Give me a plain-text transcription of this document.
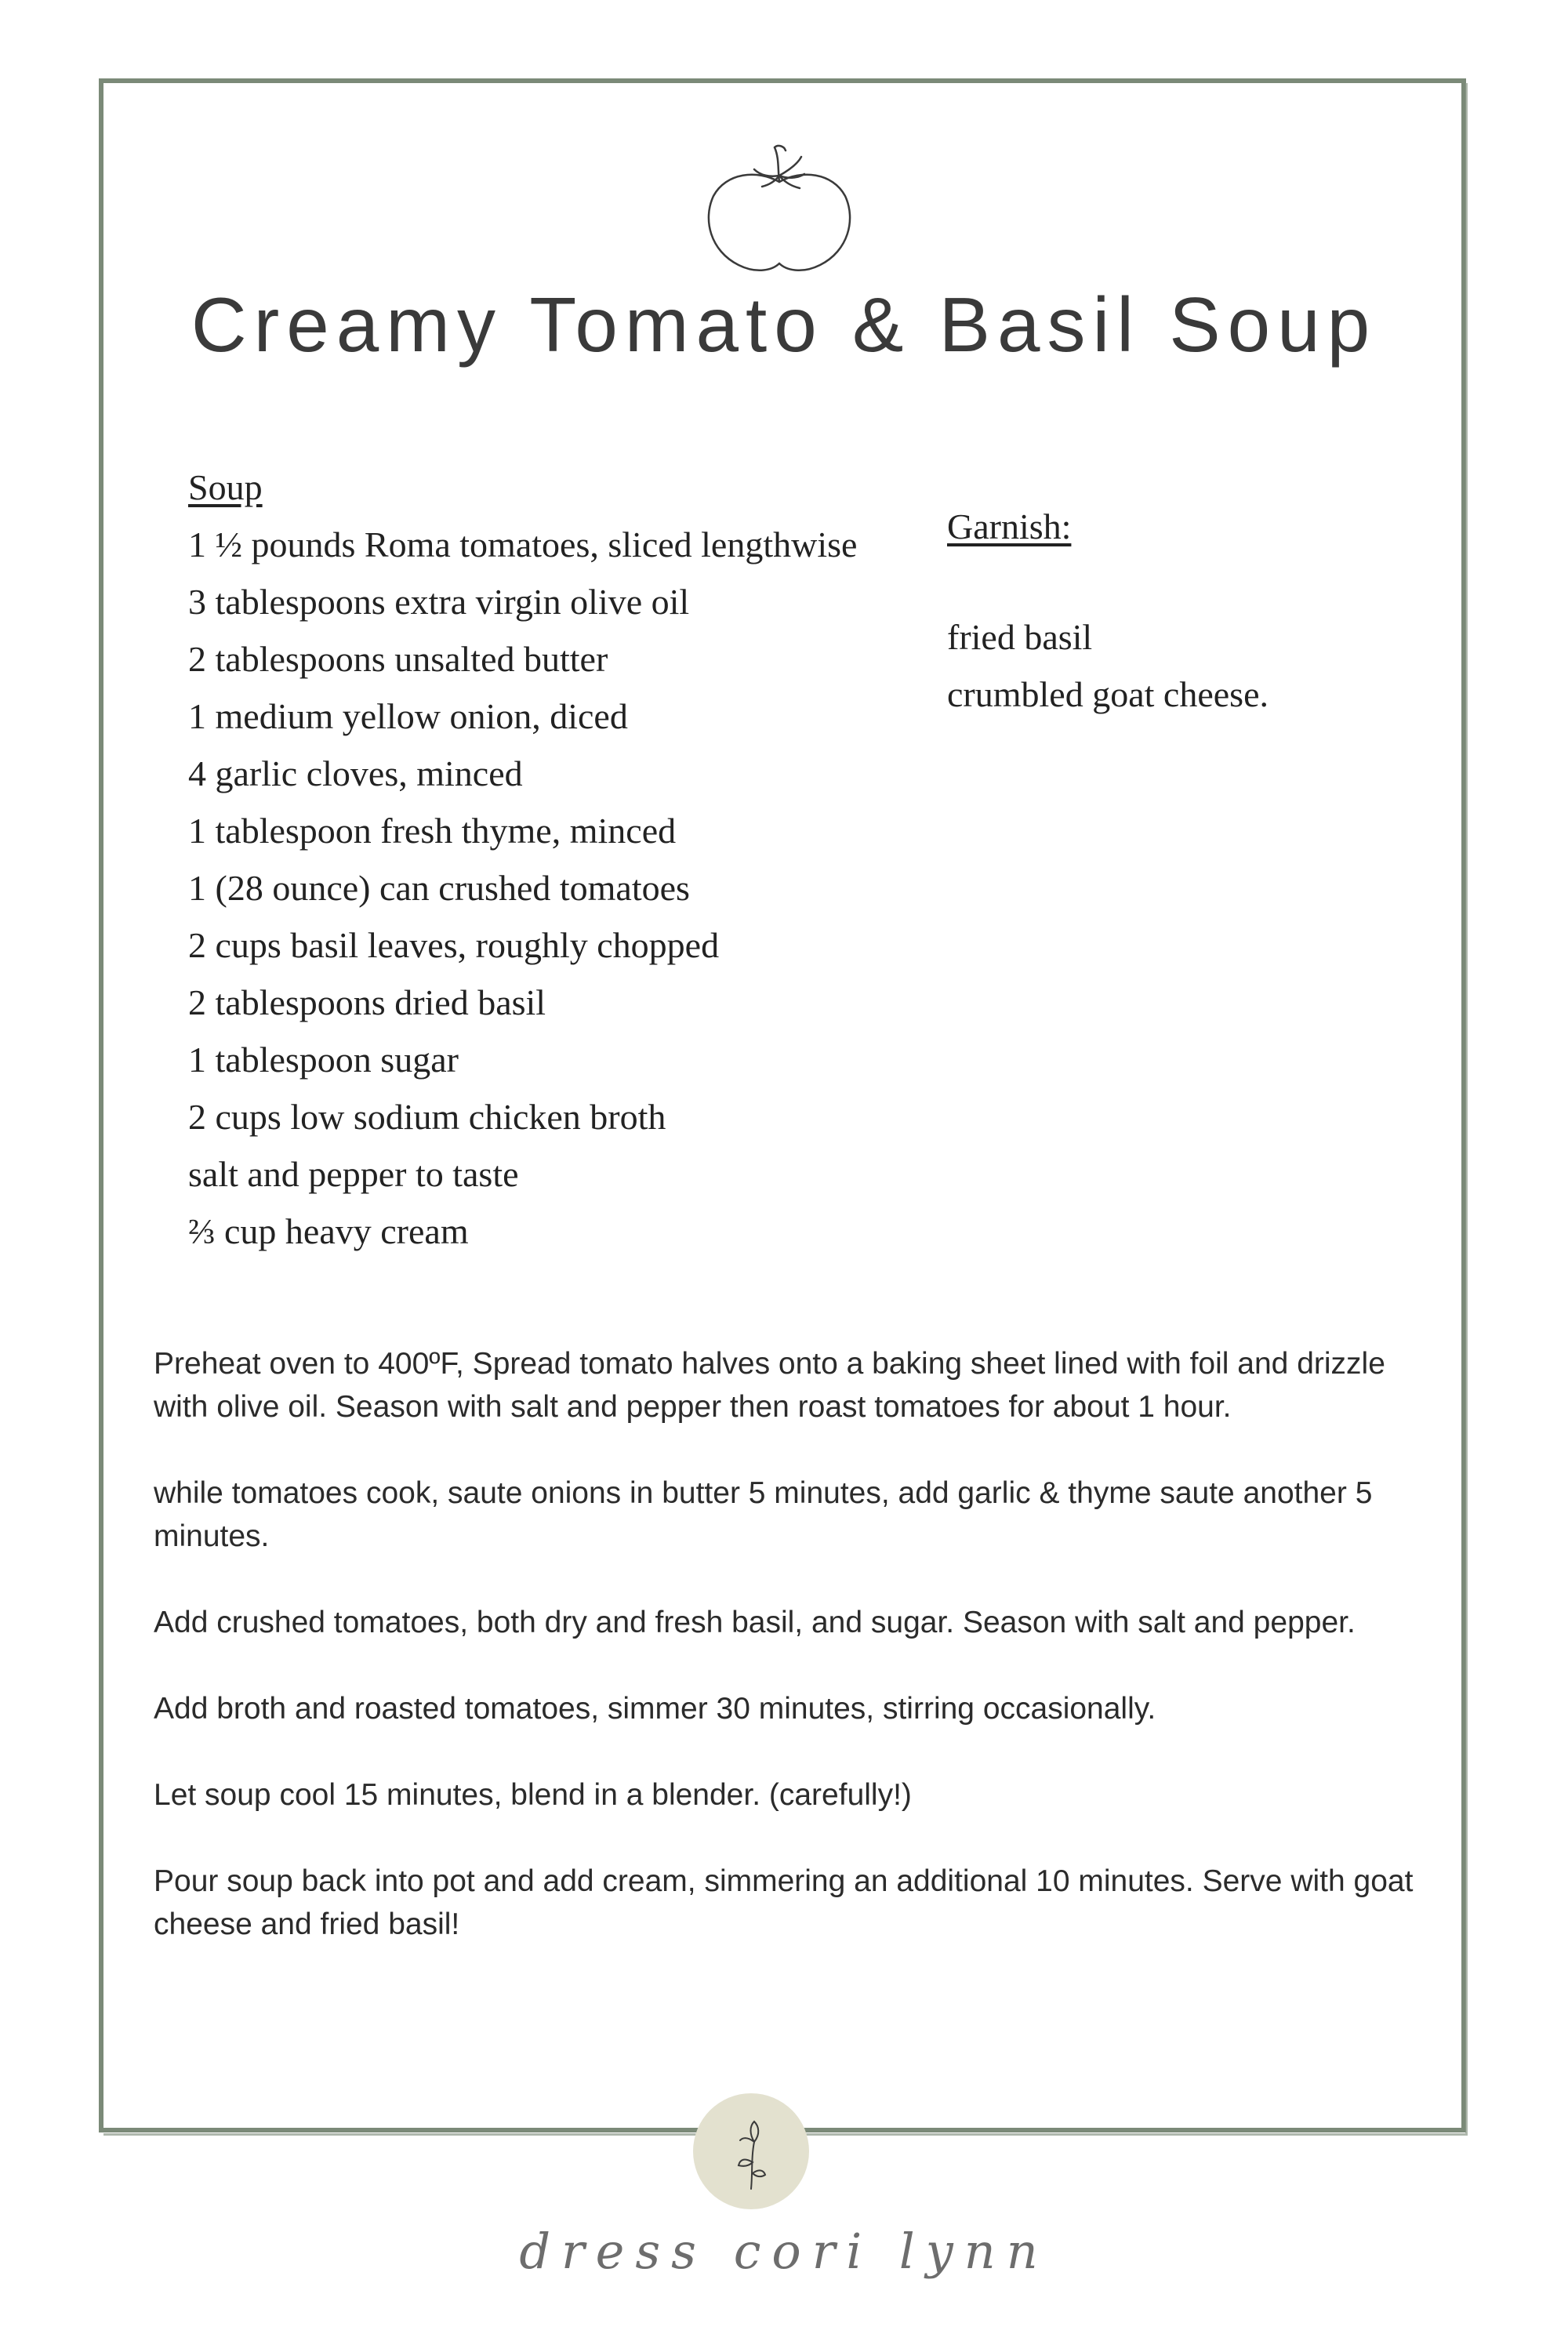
Creamy Tomato & Basil Soup
Soup
1 ½ pounds Roma tomatoes, sliced lengthwise
3 tablespoons extra virgin olive oil
2 tablespoons unsalted butter
1 medium yellow onion, diced
4 garlic cloves, minced
1 tablespoon fresh thyme, minced
1 (28 ounce) can crushed tomatoes
2 cups basil leaves, roughly chopped
2 tablespoons dried basil
1 tablespoon sugar
2 cups low sodium chicken broth
salt and pepper to taste
⅔ cup heavy cream
Garnish:
fried basil
crumbled goat cheese.

Preheat oven to 400ºF, Spread tomato halves onto a baking sheet lined with foil and drizzle with olive oil. Season with salt and pepper then roast tomatoes for about 1 hour.

while tomatoes cook, saute onions in butter 5 minutes, add garlic & thyme saute another 5 minutes.

Add crushed tomatoes, both dry and fresh basil, and sugar. Season with salt and pepper.

Add broth and roasted tomatoes, simmer 30 minutes, stirring occasionally.

Let soup cool 15 minutes, blend in a blender. (carefully!)

Pour soup back into pot and add cream, simmering an additional 10 minutes. Serve with goat cheese and fried basil!

dress cori lynn
